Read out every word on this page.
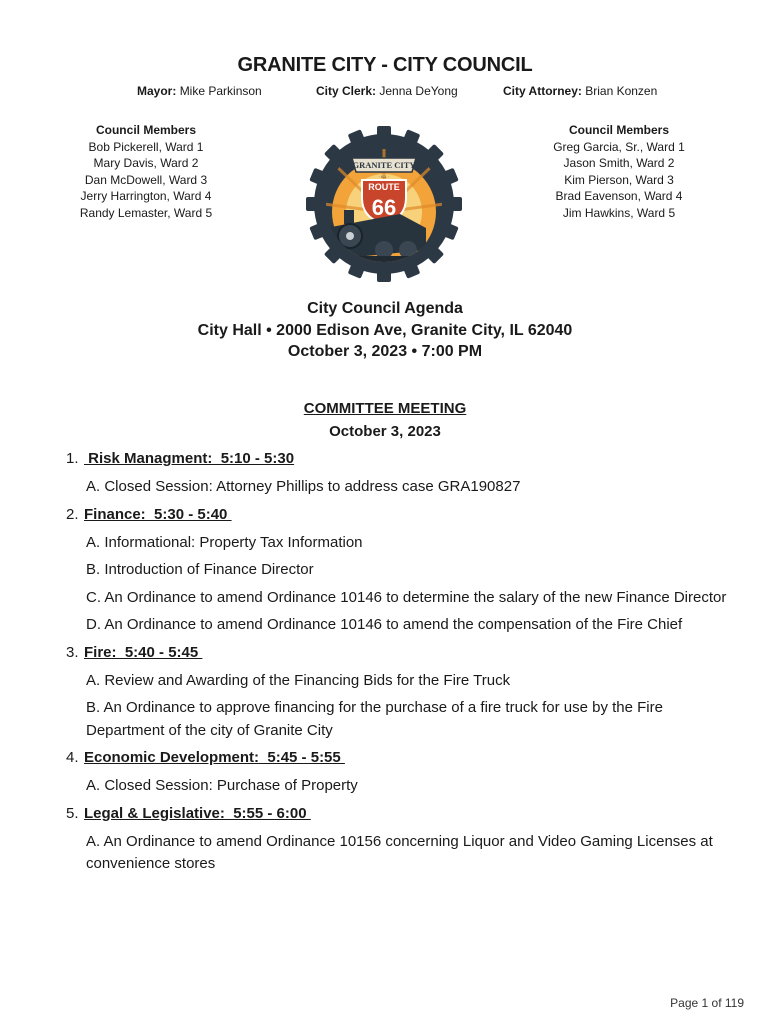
GRANITE CITY - CITY COUNCIL
Mayor: Mike Parkinson	City Clerk: Jenna DeYong	City Attorney: Brian Konzen
Council Members
Bob Pickerell, Ward 1
Mary Davis, Ward 2
Dan McDowell, Ward 3
Jerry Harrington, Ward 4
Randy Lemaster, Ward 5
Council Members
Greg Garcia, Sr., Ward 1
Jason Smith, Ward 2
Kim Pierson, Ward 3
Brad Eavenson, Ward 4
Jim Hawkins, Ward 5
GRANITE CITY
· ILL ·
ROUTE
66
City Council Agenda
City Hall • 2000 Edison Ave, Granite City, IL 62040
October 3, 2023 • 7:00 PM
COMMITTEE MEETING
October 3, 2023
1. Risk Managment:  5:10 - 5:30
A. Closed Session: Attorney Phillips to address case GRA190827
2. Finance:  5:30 - 5:40
A. Informational: Property Tax Information
B. Introduction of Finance Director
C. An Ordinance to amend Ordinance 10146 to determine the salary of the new Finance Director
D. An Ordinance to amend Ordinance 10146 to amend the compensation of the Fire Chief
3. Fire:  5:40 - 5:45
A. Review and Awarding of the Financing Bids for the Fire Truck
B. An Ordinance to approve financing for the purchase of a fire truck for use by the Fire Department of the city of Granite City
4. Economic Development:  5:45 - 5:55
A. Closed Session: Purchase of Property
5. Legal & Legislative:  5:55 - 6:00
A. An Ordinance to amend Ordinance 10156 concerning Liquor and Video Gaming Licenses at convenience stores
Page 1 of 119
